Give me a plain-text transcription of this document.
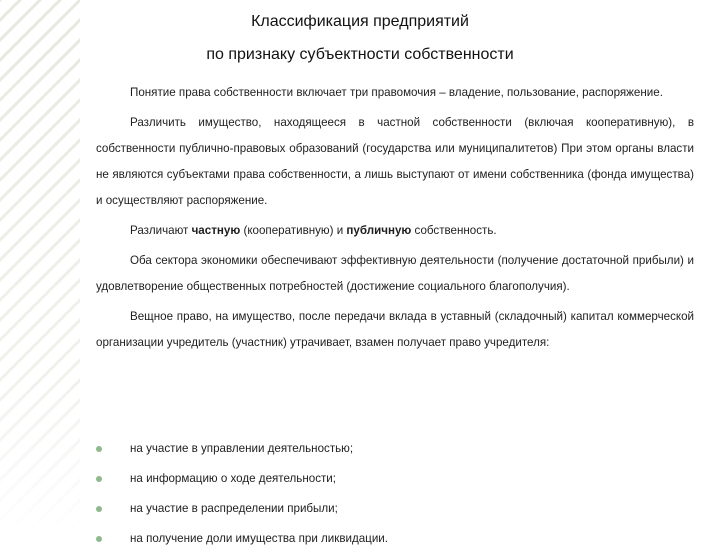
Классификация предприятий
по признаку субъектности собственности

Понятие права собственности включает три правомочия – владение, пользование, распоряжение.

Различить имущество, находящееся в частной собственности (включая кооперативную), в собственности публично-правовых образований (государства или муниципалитетов) При этом органы власти не являются субъектами права собственности, а лишь выступают от имени собственника (фонда имущества) и осуществляют распоряжение.

Различают частную (кооперативную) и публичную собственность.

Оба сектора экономики обеспечивают эффективную деятельности (получение достаточной прибыли) и удовлетворение общественных потребностей (достижение социального благополучия).

Вещное право, на имущество, после передачи вклада в уставный (складочный) капитал коммерческой организации учредитель (участник) утрачивает, взамен получает право учредителя:

на участие в управлении деятельностью;
на информацию о ходе деятельности;
на участие в распределении прибыли;
на получение доли имущества при ликвидации.
